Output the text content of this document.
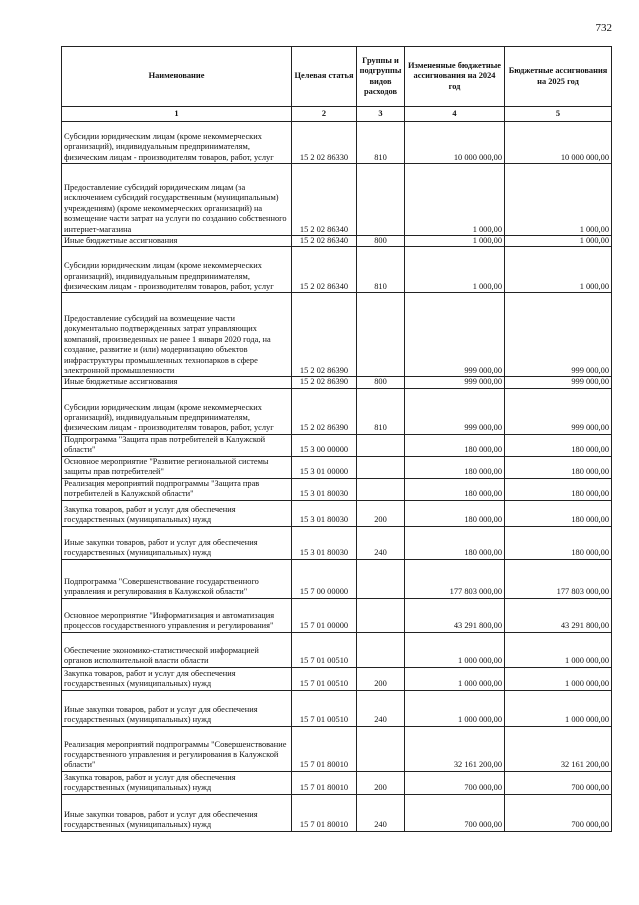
732
Наименование	Целевая статья	Группы и подгруппы видов расходов	Измененные бюджетные ассигнования на 2024 год	Бюджетные ассигнования на 2025 год
1	2	3	4	5
Субсидии юридическим лицам (кроме некоммерческих организаций), индивидуальным предпринимателям, физическим лицам - производителям товаров, работ, услуг	15 2 02 86330	810	10 000 000,00	10 000 000,00
Предоставление субсидий юридическим лицам (за исключением субсидий государственным (муниципальным) учреждениям) (кроме некоммерческих организаций) на возмещение части затрат на услуги по созданию собственного интернет-магазина	15 2 02 86340		1 000,00	1 000,00
Иные бюджетные ассигнования	15 2 02 86340	800	1 000,00	1 000,00
Субсидии юридическим лицам (кроме некоммерческих организаций), индивидуальным предпринимателям, физическим лицам - производителям товаров, работ, услуг	15 2 02 86340	810	1 000,00	1 000,00
Предоставление субсидий на возмещение части документально подтвержденных затрат управляющих компаний, произведенных не ранее 1 января 2020 года, на создание, развитие и (или) модернизацию объектов инфраструктуры промышленных технопарков в сфере электронной промышленности	15 2 02 86390		999 000,00	999 000,00
Иные бюджетные ассигнования	15 2 02 86390	800	999 000,00	999 000,00
Субсидии юридическим лицам (кроме некоммерческих организаций), индивидуальным предпринимателям, физическим лицам - производителям товаров, работ, услуг	15 2 02 86390	810	999 000,00	999 000,00
Подпрограмма "Защита прав потребителей в Калужской области"	15 3 00 00000		180 000,00	180 000,00
Основное мероприятие "Развитие региональной системы защиты прав потребителей"	15 3 01 00000		180 000,00	180 000,00
Реализация мероприятий подпрограммы "Защита прав потребителей в Калужской области"	15 3 01 80030		180 000,00	180 000,00
Закупка товаров, работ и услуг для обеспечения государственных (муниципальных) нужд	15 3 01 80030	200	180 000,00	180 000,00
Иные закупки товаров, работ и услуг для обеспечения государственных (муниципальных) нужд	15 3 01 80030	240	180 000,00	180 000,00
Подпрограмма "Совершенствование государственного управления и регулирования в Калужской области"	15 7 00 00000		177 803 000,00	177 803 000,00
Основное мероприятие "Информатизация и автоматизация процессов государственного управления и регулирования"	15 7 01 00000		43 291 800,00	43 291 800,00
Обеспечение экономико-статистической информацией органов исполнительной власти области	15 7 01 00510		1 000 000,00	1 000 000,00
Закупка товаров, работ и услуг для обеспечения государственных (муниципальных) нужд	15 7 01 00510	200	1 000 000,00	1 000 000,00
Иные закупки товаров, работ и услуг для обеспечения государственных (муниципальных) нужд	15 7 01 00510	240	1 000 000,00	1 000 000,00
Реализация мероприятий подпрограммы "Совершенствование государственного управления и регулирования в Калужской области"	15 7 01 80010		32 161 200,00	32 161 200,00
Закупка товаров, работ и услуг для обеспечения государственных (муниципальных) нужд	15 7 01 80010	200	700 000,00	700 000,00
Иные закупки товаров, работ и услуг для обеспечения государственных (муниципальных) нужд	15 7 01 80010	240	700 000,00	700 000,00
